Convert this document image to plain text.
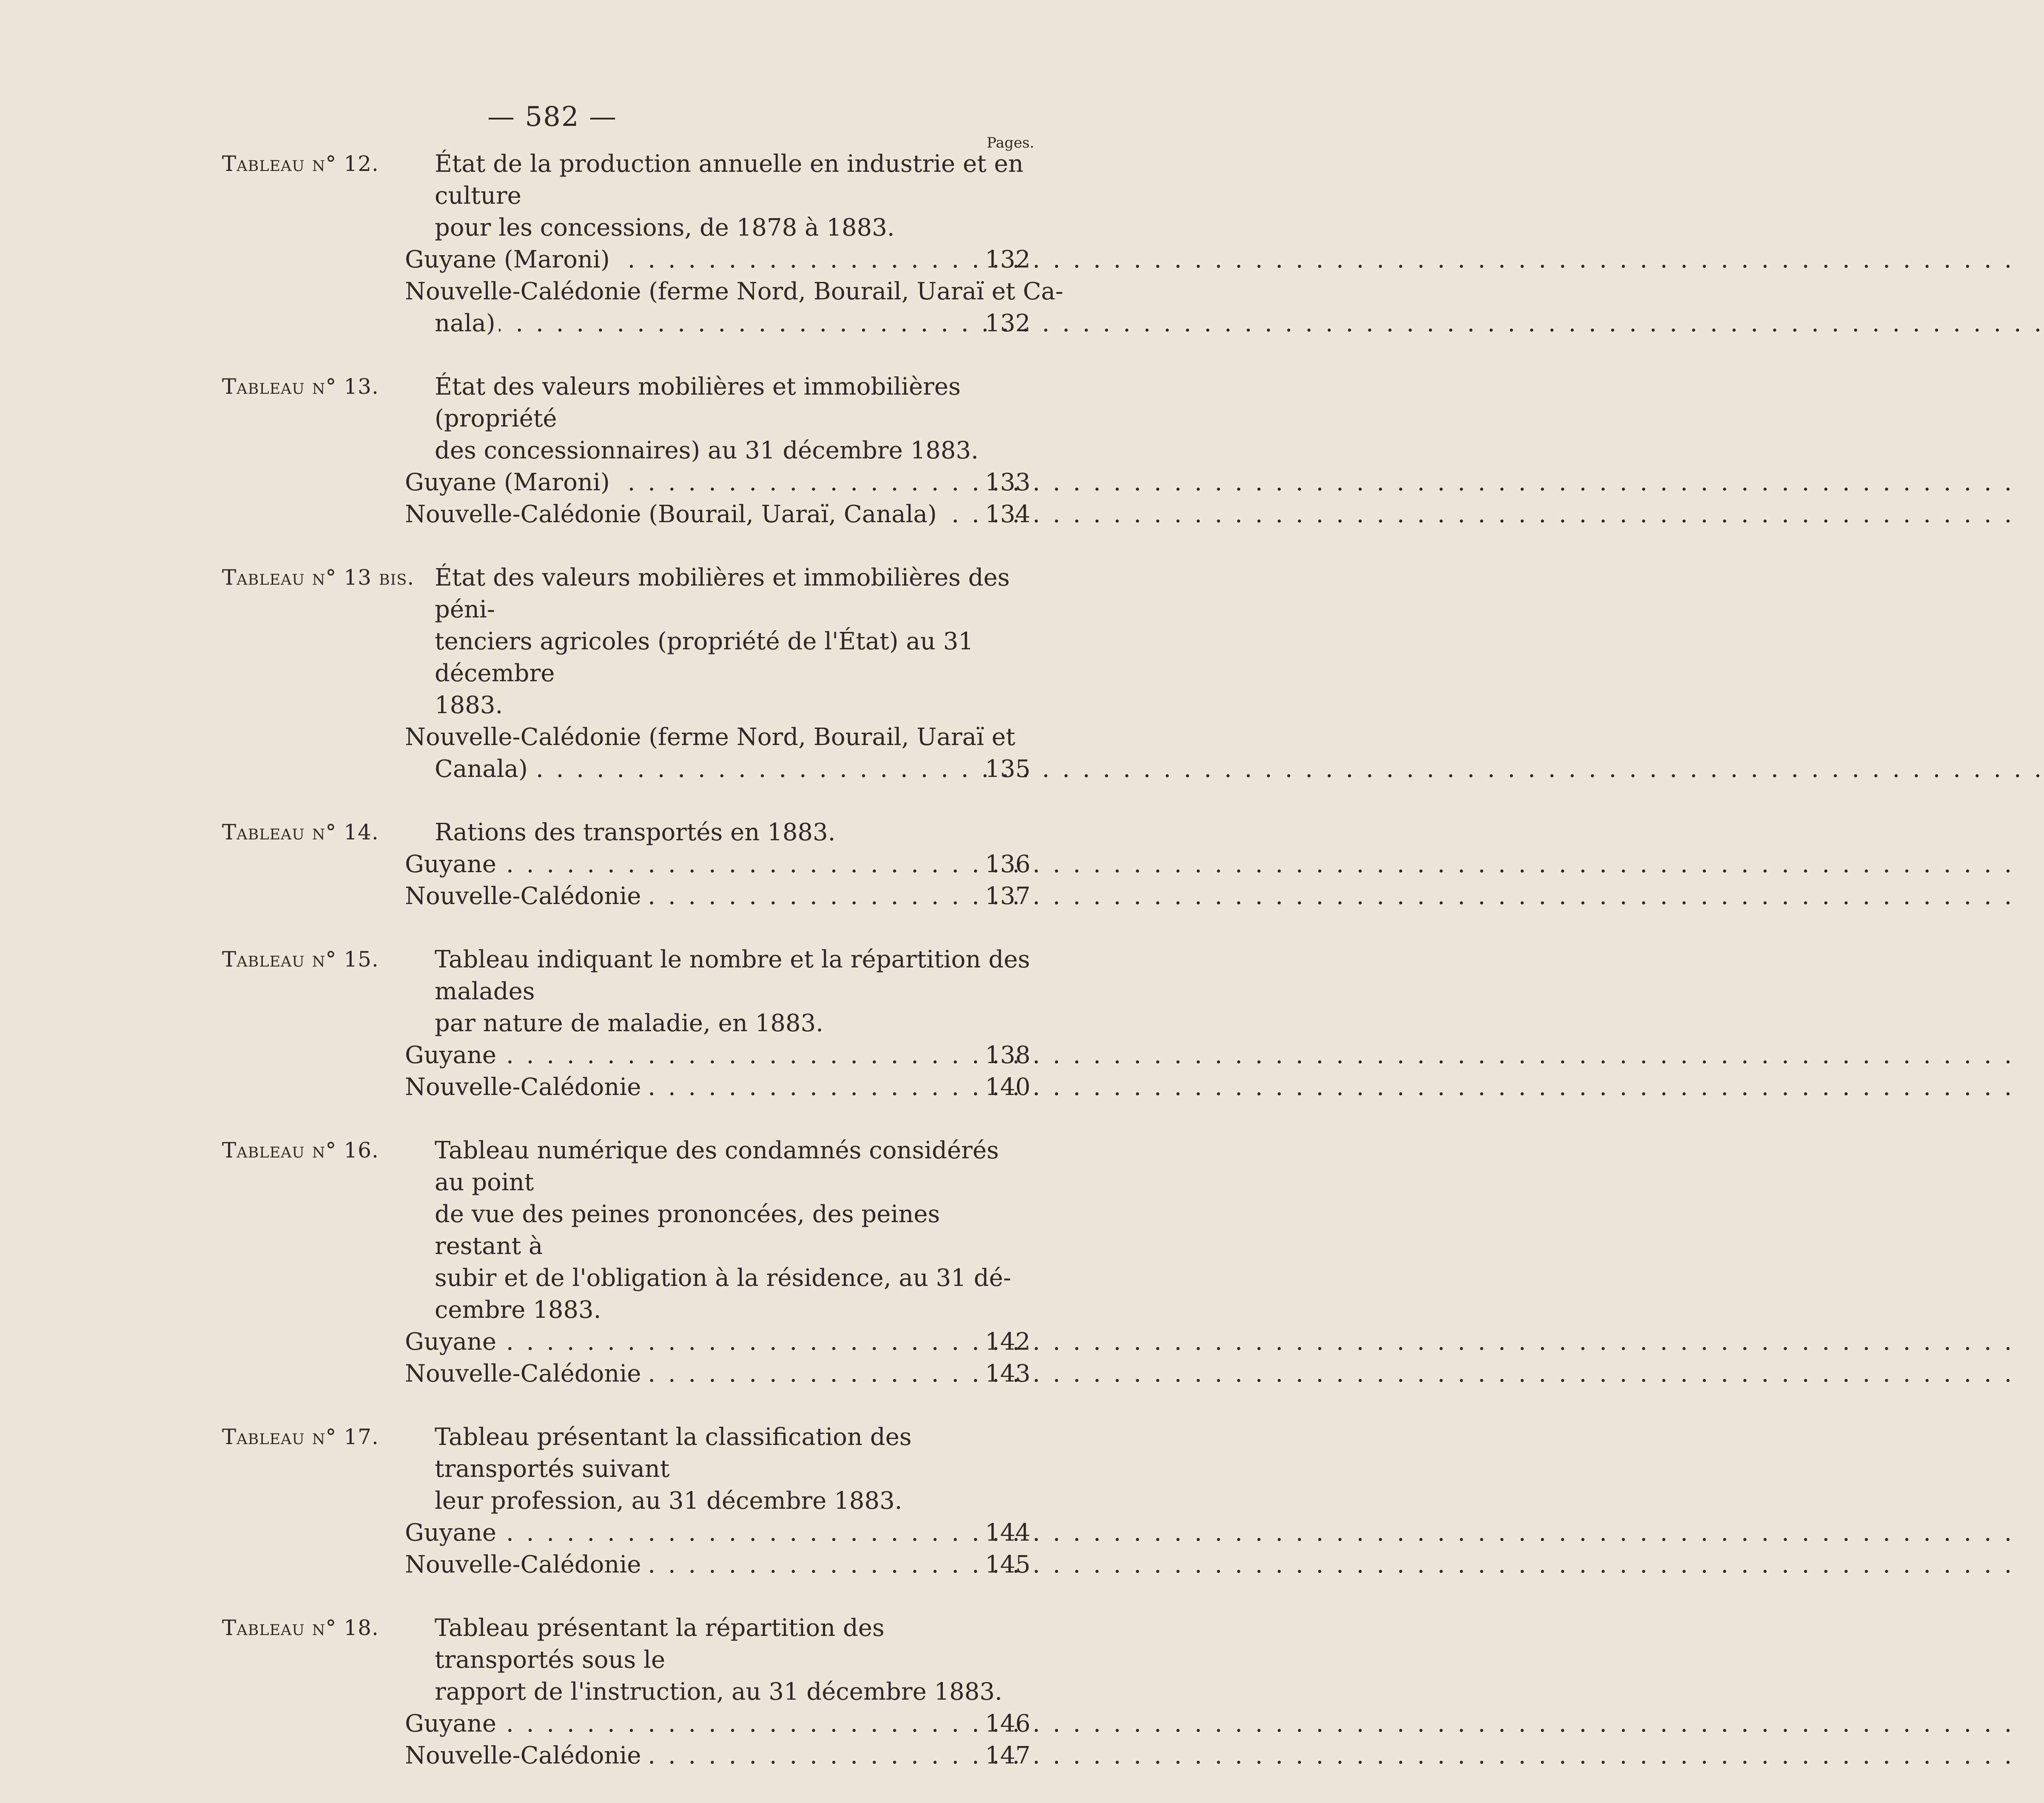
— 582 —
Pages.
Tableau n° 12. État de la production annuelle en industrie et en culture
pour les concessions, de 1878 à 1883.
Guyane (Maroni) . . .	132
Nouvelle-Calédonie (ferme Nord, Bourail, Uaraï et Ca-
nala) . . .	132
Tableau n° 13. État des valeurs mobilières et immobilières (propriété
des concessionnaires) au 31 décembre 1883.
Guyane (Maroni) . . .	133
Nouvelle-Calédonie (Bourail, Uaraï, Canala) . . .	134
Tableau n° 13 bis. État des valeurs mobilières et immobilières des péni-
tenciers agricoles (propriété de l'État) au 31 décembre
1883.
Nouvelle-Calédonie (ferme Nord, Bourail, Uaraï et
Canala) . . .	135
Tableau n° 14. Rations des transportés en 1883.
Guyane . . .	136
Nouvelle-Calédonie . . .	137
Tableau n° 15. Tableau indiquant le nombre et la répartition des malades
par nature de maladie, en 1883.
Guyane . . .	138
Nouvelle-Calédonie . . .	140
Tableau n° 16. Tableau numérique des condamnés considérés au point
de vue des peines prononcées, des peines restant à
subir et de l'obligation à la résidence, au 31 dé-
cembre 1883.
Guyane . . .	142
Nouvelle-Calédonie . . .	143
Tableau n° 17. Tableau présentant la classification des transportés suivant
leur profession, au 31 décembre 1883.
Guyane . . .	144
Nouvelle-Calédonie . . .	145
Tableau n° 18. Tableau présentant la répartition des transportés sous le
rapport de l'instruction, au 31 décembre 1883.
Guyane . . .	146
Nouvelle-Calédonie . . .	147
